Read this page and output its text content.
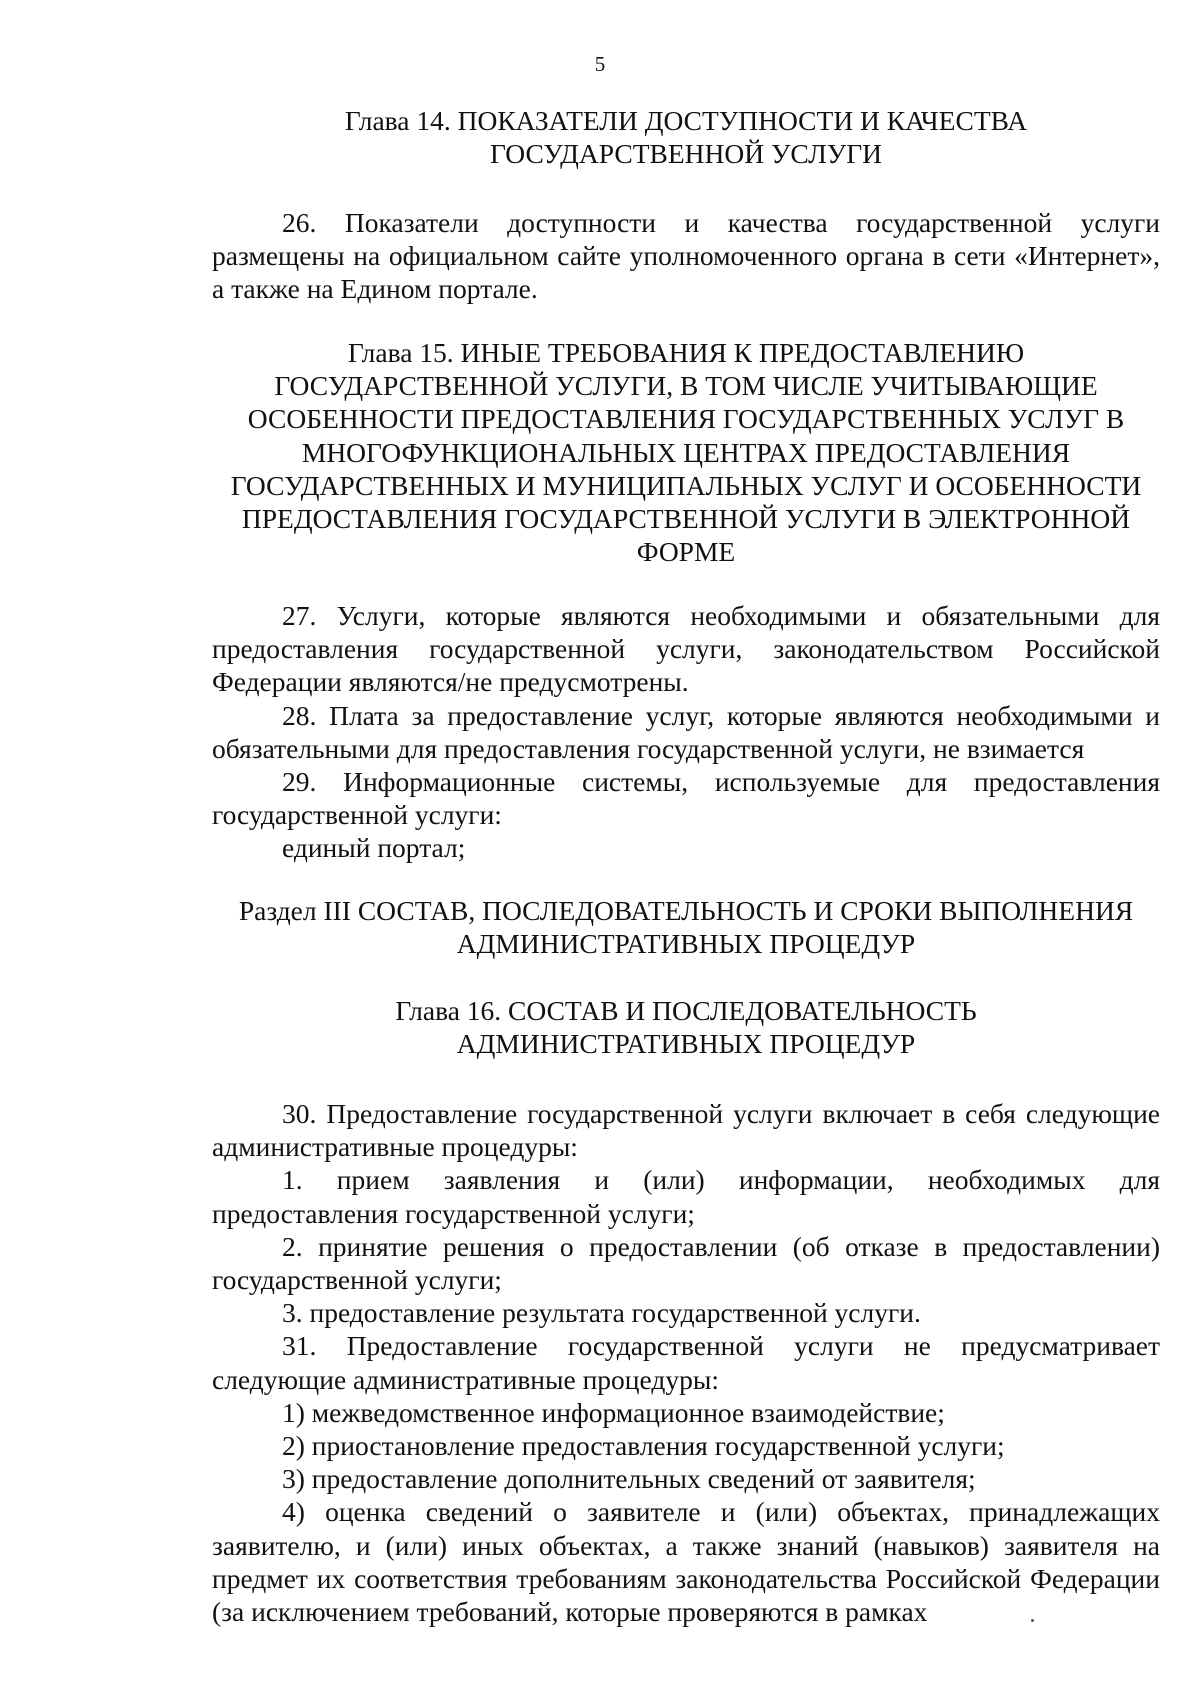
5
Глава 14. ПОКАЗАТЕЛИ ДОСТУПНОСТИ И КАЧЕСТВА
ГОСУДАРСТВЕННОЙ УСЛУГИ

26. Показатели доступности и качества государственной услуги размещены на официальном сайте уполномоченного органа в сети «Интернет», а также на Едином портале.

Глава 15. ИНЫЕ ТРЕБОВАНИЯ К ПРЕДОСТАВЛЕНИЮ
ГОСУДАРСТВЕННОЙ УСЛУГИ, В ТОМ ЧИСЛЕ УЧИТЫВАЮЩИЕ
ОСОБЕННОСТИ ПРЕДОСТАВЛЕНИЯ ГОСУДАРСТВЕННЫХ УСЛУГ В
МНОГОФУНКЦИОНАЛЬНЫХ ЦЕНТРАХ ПРЕДОСТАВЛЕНИЯ
ГОСУДАРСТВЕННЫХ И МУНИЦИПАЛЬНЫХ УСЛУГ И ОСОБЕННОСТИ
ПРЕДОСТАВЛЕНИЯ ГОСУДАРСТВЕННОЙ УСЛУГИ В ЭЛЕКТРОННОЙ
ФОРМЕ

27. Услуги, которые являются необходимыми и обязательными для предоставления государственной услуги, законодательством Российской Федерации являются/не предусмотрены.

28. Плата за предоставление услуг, которые являются необходимыми и обязательными для предоставления государственной услуги, не взимается

29. Информационные системы, используемые для предоставления государственной услуги:

единый портал;

Раздел III СОСТАВ, ПОСЛЕДОВАТЕЛЬНОСТЬ И СРОКИ ВЫПОЛНЕНИЯ
АДМИНИСТРАТИВНЫХ ПРОЦЕДУР
Глава 16. СОСТАВ И ПОСЛЕДОВАТЕЛЬНОСТЬ
АДМИНИСТРАТИВНЫХ ПРОЦЕДУР

30. Предоставление государственной услуги включает в себя следующие административные процедуры:

1. прием заявления и (или) информации, необходимых для предоставления государственной услуги;

2. принятие решения о предоставлении (об отказе в предоставлении) государственной услуги;

3. предоставление результата государственной услуги.

31. Предоставление государственной услуги не предусматривает следующие административные процедуры:

1) межведомственное информационное взаимодействие;

2) приостановление предоставления государственной услуги;

3) предоставление дополнительных сведений от заявителя;

4) оценка сведений о заявителе и (или) объектах, принадлежащих заявителю, и (или) иных объектах, а также знаний (навыков) заявителя на предмет их соответствия требованиям законодательства Российской Федерации (за исключением требований, которые проверяются в рамках
